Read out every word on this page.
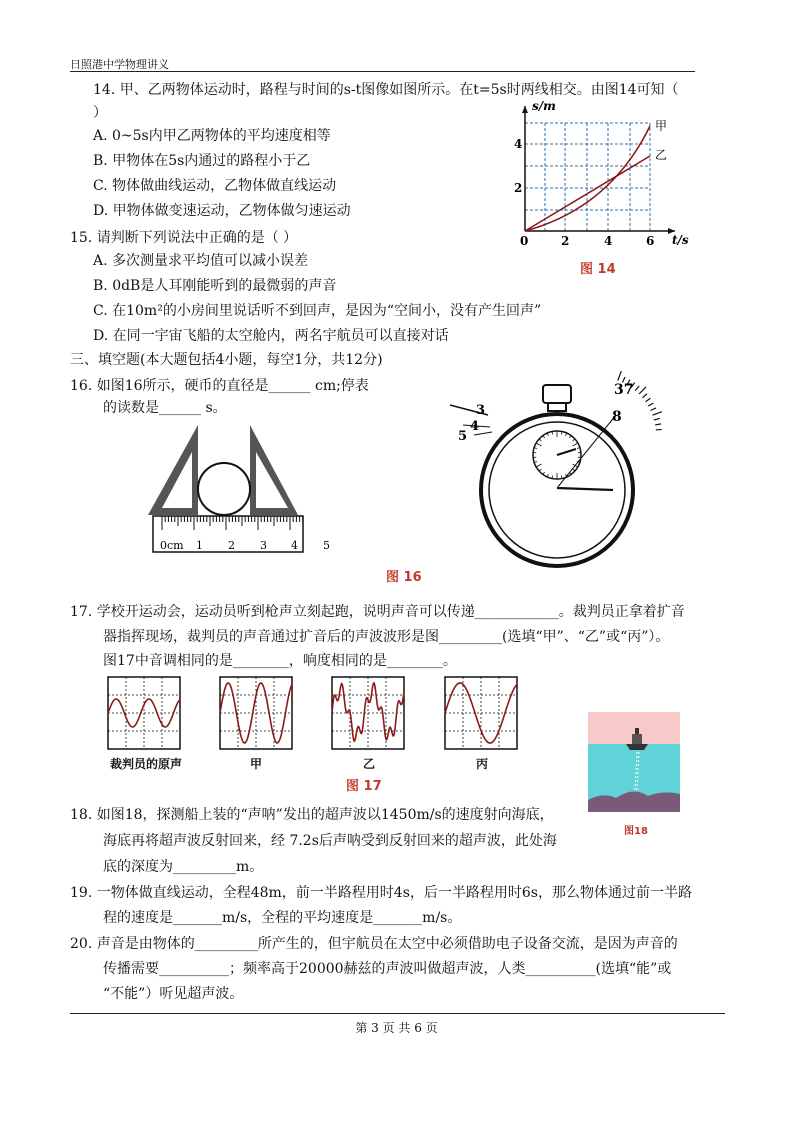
日照港中学物理讲义
14. 甲、乙两物体运动时，路程与时间的s-t图像如图所示。在t=5s时两线相交。由图14可知（
）
A. 0~5s内甲乙两物体的平均速度相等
B. 甲物体在5s内通过的路程小于乙
C. 物体做曲线运动，乙物体做直线运动
D. 甲物体做变速运动，乙物体做匀速运动
s/m
t/s
4
2
0	2	4	6
甲
乙
图 14
15. 请判断下列说法中正确的是（ ）
A. 多次测量求平均值可以减小误差
B. 0dB是人耳刚能听到的最微弱的声音
C. 在10m²的小房间里说话听不到回声，是因为“空间小，没有产生回声”
D. 在同一宇宙飞船的太空舱内，两名宇航员可以直接对话
三、填空题(本大题包括4小题，每空1分，共12分)
16. 如图16所示，硬币的直径是______ cm;停表
的读数是______ s。
0cm 1 2 3 4 5
3
4
5
37
8
图 16
17. 学校开运动会，运动员听到枪声立刻起跑，说明声音可以传递____________。裁判员正拿着扩音
器指挥现场，裁判员的声音通过扩音后的声波波形是图_________(选填“甲”、“乙”或“丙”）。
图17中音调相同的是________，响度相同的是________。
裁判员的原声	甲	乙	丙
图 17
图18
18. 如图18，探测船上装的“声呐”发出的超声波以1450m/s的速度射向海底，
海底再将超声波反射回来，经 7.2s后声呐受到反射回来的超声波，此处海
底的深度为_________m。
19. 一物体做直线运动，全程48m，前一半路程用时4s，后一半路程用时6s，那么物体通过前一半路
程的速度是_______m/s，全程的平均速度是_______m/s。
20. 声音是由物体的_________所产生的，但宇航员在太空中必须借助电子设备交流，是因为声音的
传播需要__________；频率高于20000赫兹的声波叫做超声波，人类__________(选填“能”或
“不能”）听见超声波。
第 3 页 共 6 页
